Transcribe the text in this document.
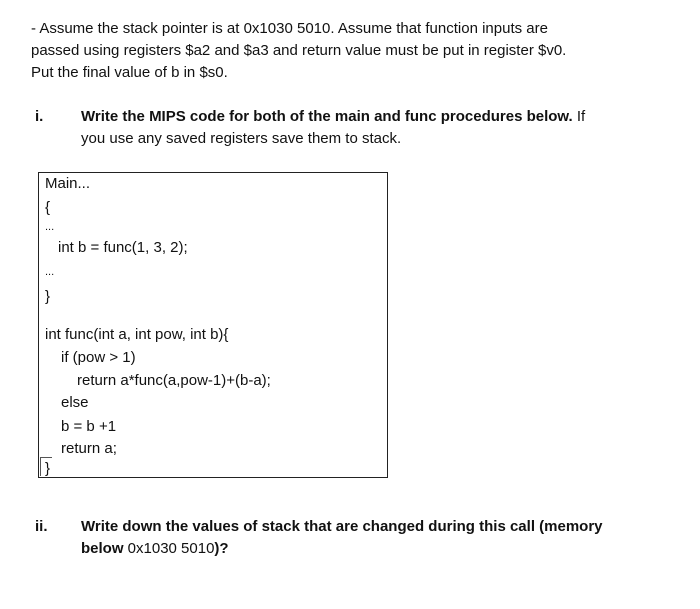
- Assume the stack pointer is at 0x1030 5010. Assume that function inputs are
passed using registers $a2 and $a3 and return value must be put in register $v0.
Put the final value of b in $s0.
i.	Write the MIPS code for both of the main and func procedures below. If
you use any saved registers save them to stack.
Main...
{
...
int b = func(1, 3, 2);
...
}
int func(int a, int pow, int b){
if (pow > 1)
return a*func(a,pow-1)+(b-a);
else
b = b +1
return a;
}
ii. Write down the values of stack that are changed during this call (memory
below 0x1030 5010)?
